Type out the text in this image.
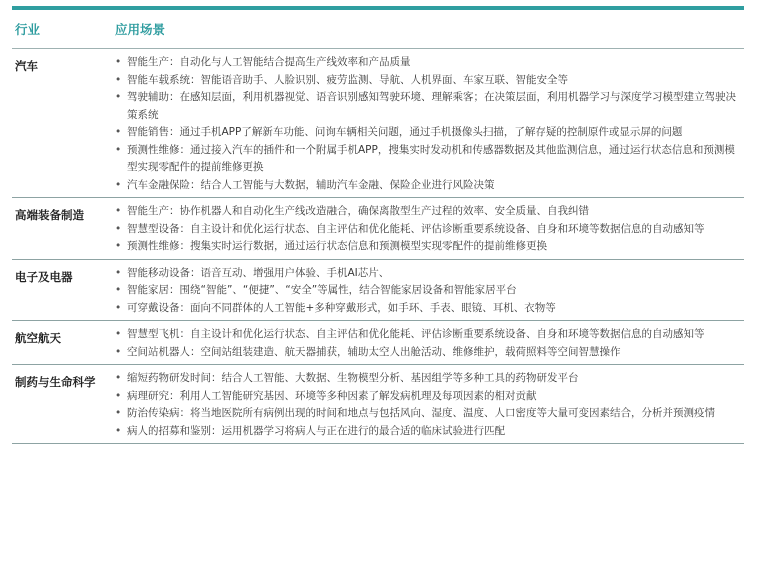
行业	应用场景
汽车	• 智能生产：自动化与人工智能结合提高生产线效率和产品质量
• 智能车载系统：智能语音助手、人脸识别、疲劳监测、导航、人机界面、车家互联、智能安全等
• 驾驶辅助：在感知层面，利用机器视觉、语音识别感知驾驶环境、理解乘客；在决策层面，利用机器学习与深度学习模型建立驾驶决策系统
• 智能销售：通过手机APP了解新车功能、问询车辆相关问题，通过手机摄像头扫描，了解存疑的控制原件或显示屏的问题
• 预测性维修：通过接入汽车的插件和一个附属手机APP，搜集实时发动机和传感器数据及其他监测信息，通过运行状态信息和预测模型实现零配件的提前维修更换
• 汽车金融保险：结合人工智能与大数据，辅助汽车金融、保险企业进行风险决策
高端装备制造	• 智能生产：协作机器人和自动化生产线改造融合，确保离散型生产过程的效率、安全质量、自我纠错
• 智慧型设备：自主设计和优化运行状态、自主评估和优化能耗、评估诊断重要系统设备、自身和环境等数据信息的自动感知等
• 预测性维修：搜集实时运行数据，通过运行状态信息和预测模型实现零配件的提前维修更换
电子及电器	• 智能移动设备：语音互动、增强用户体验、手机AI芯片、
• 智能家居：围绕“智能”、“便捷”、“安全”等属性，结合智能家居设备和智能家居平台
• 可穿戴设备：面向不同群体的人工智能+多种穿戴形式，如手环、手表、眼镜、耳机、衣物等
航空航天	• 智慧型飞机：自主设计和优化运行状态、自主评估和优化能耗、评估诊断重要系统设备、自身和环境等数据信息的自动感知等
• 空间站机器人：空间站组装建造、航天器捕获，辅助太空人出舱活动、维修维护，载荷照料等空间智慧操作
制药与生命科学	• 缩短药物研发时间：结合人工智能、大数据、生物模型分析、基因组学等多种工具的药物研发平台
• 病理研究：利用人工智能研究基因、环境等多种因素了解发病机理及每项因素的相对贡献
• 防治传染病：将当地医院所有病例出现的时间和地点与包括风向、湿度、温度、人口密度等大量可变因素结合，分析并预测疫情
• 病人的招募和鉴别：运用机器学习将病人与正在进行的最合适的临床试验进行匹配
